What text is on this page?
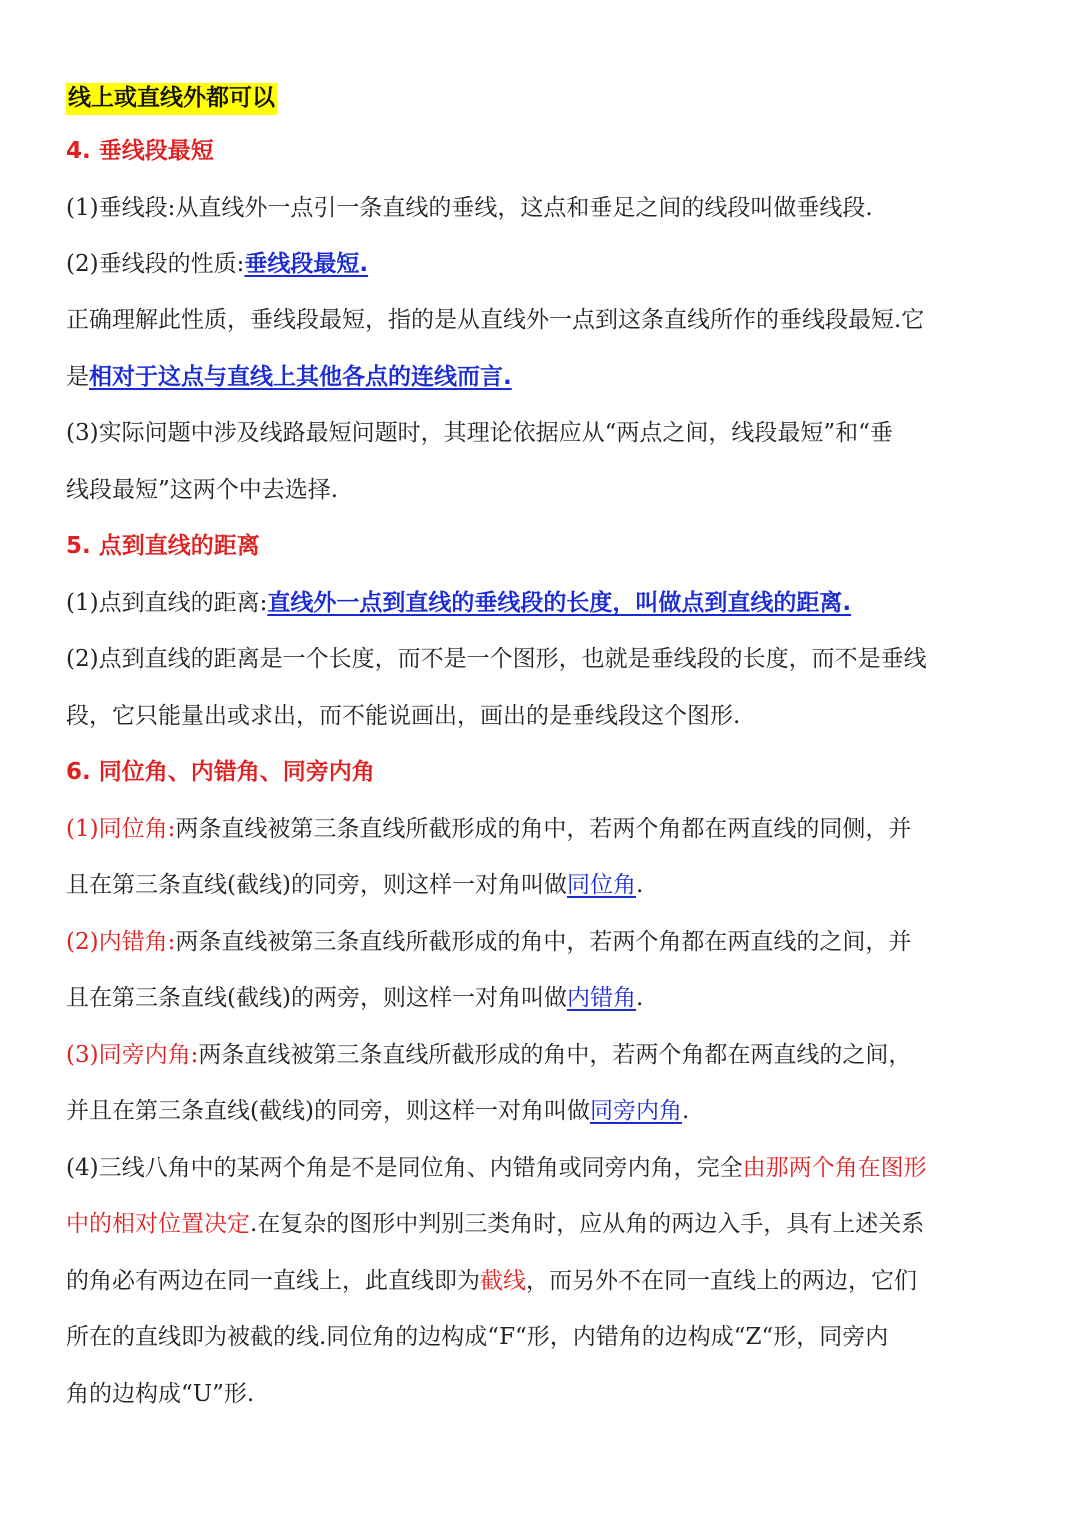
线上或直线外都可以
4. 垂线段最短
(1)垂线段:从直线外一点引一条直线的垂线，这点和垂足之间的线段叫做垂线段.
(2)垂线段的性质:垂线段最短.
正确理解此性质，垂线段最短，指的是从直线外一点到这条直线所作的垂线段最短.它
是相对于这点与直线上其他各点的连线而言.
(3)实际问题中涉及线路最短问题时，其理论依据应从“两点之间，线段最短”和“垂
线段最短”这两个中去选择.
5. 点到直线的距离
(1)点到直线的距离:直线外一点到直线的垂线段的长度，叫做点到直线的距离.
(2)点到直线的距离是一个长度，而不是一个图形，也就是垂线段的长度，而不是垂线
段，它只能量出或求出，而不能说画出，画出的是垂线段这个图形.
6. 同位角、内错角、同旁内角
(1)同位角:两条直线被第三条直线所截形成的角中，若两个角都在两直线的同侧，并
且在第三条直线(截线)的同旁，则这样一对角叫做同位角.
(2)内错角:两条直线被第三条直线所截形成的角中，若两个角都在两直线的之间，并
且在第三条直线(截线)的两旁，则这样一对角叫做内错角.
(3)同旁内角:两条直线被第三条直线所截形成的角中，若两个角都在两直线的之间，
并且在第三条直线(截线)的同旁，则这样一对角叫做同旁内角.
(4)三线八角中的某两个角是不是同位角、内错角或同旁内角，完全由那两个角在图形
中的相对位置决定.在复杂的图形中判别三类角时，应从角的两边入手，具有上述关系
的角必有两边在同一直线上，此直线即为截线，而另外不在同一直线上的两边，它们
所在的直线即为被截的线.同位角的边构成“F“形，内错角的边构成“Z“形，同旁内
角的边构成“U”形.
